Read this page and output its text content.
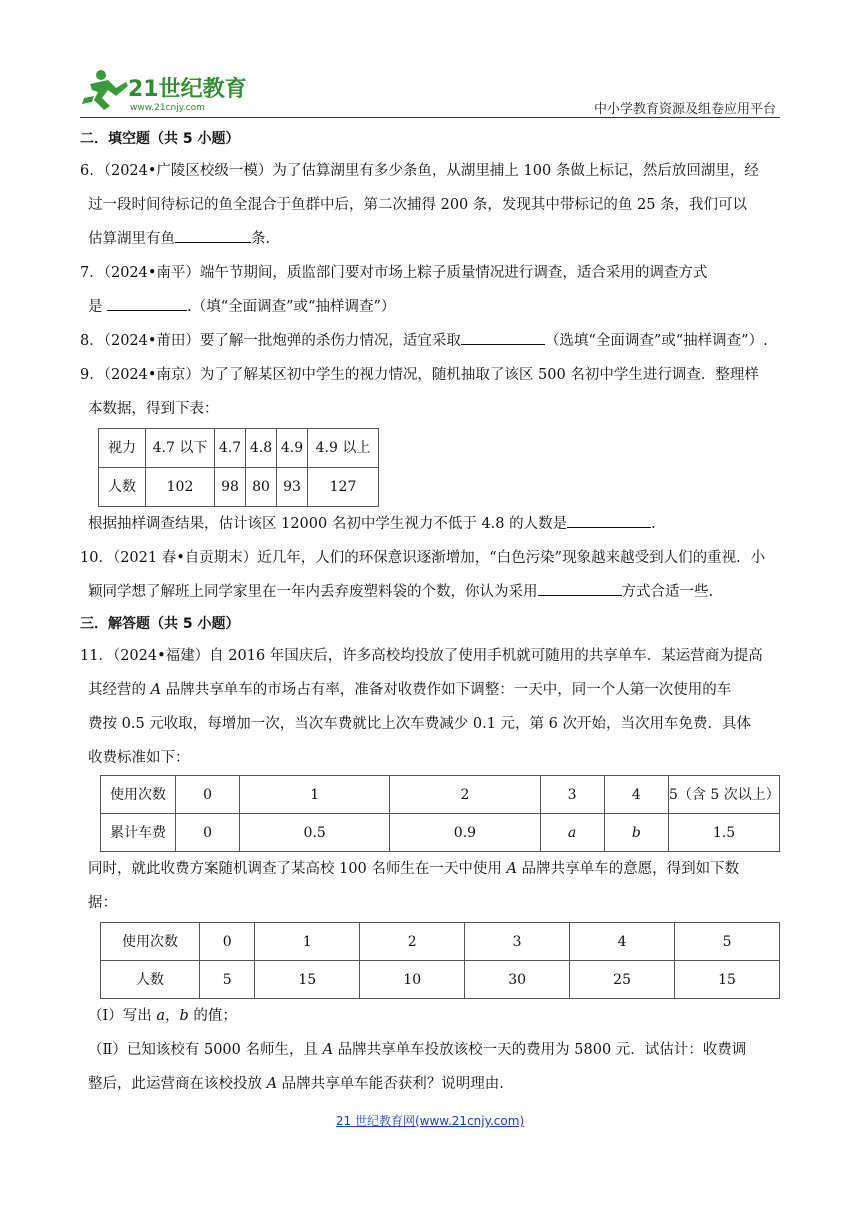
21世纪教育
www.21cnjy.com	中小学教育资源及组卷应用平台
二．填空题（共 5 小题）
6．（2024•广陵区校级一模）为了估算湖里有多少条鱼，从湖里捕上 100 条做上标记，然后放回湖里，经
过一段时间待标记的鱼全混合于鱼群中后，第二次捕得 200 条，发现其中带标记的鱼 25 条，我们可以
估算湖里有鱼	条.
7．（2024•南平）端午节期间，质监部门要对市场上粽子质量情况进行调查，适合采用的调查方式
是	.（填“全面调查”或“抽样调查”）
8．（2024•莆田）要了解一批炮弹的杀伤力情况，适宜采取	（选填“全面调查”或“抽样调查”）.
9．（2024•南京）为了了解某区初中学生的视力情况，随机抽取了该区 500 名初中学生进行调查．整理样
本数据，得到下表：
视力	4.7 以下	4.7	4.8	4.9	4.9 以上
人数	102	98	80	93	127
根据抽样调查结果，估计该区 12000 名初中学生视力不低于 4.8 的人数是	.
10．（2021 春•自贡期末）近几年，人们的环保意识逐渐增加，“白色污染”现象越来越受到人们的重视．小
颖同学想了解班上同学家里在一年内丢弃废塑料袋的个数，你认为采用	方式合适一些.
三．解答题（共 5 小题）
11．（2024•福建）自 2016 年国庆后，许多高校均投放了使用手机就可随用的共享单车．某运营商为提高
其经营的 A 品牌共享单车的市场占有率，准备对收费作如下调整：一天中，同一个人第一次使用的车
费按 0.5 元收取，每增加一次，当次车费就比上次车费减少 0.1 元，第 6 次开始，当次用车免费．具体
收费标准如下：
使用次数	0	1	2	3	4	5（含 5 次以上）
累计车费	0	0.5	0.9	a	b	1.5
同时，就此收费方案随机调查了某高校 100 名师生在一天中使用 A 品牌共享单车的意愿，得到如下数
据：
使用次数	0	1	2	3	4	5
人数	5	15	10	30	25	15
（Ⅰ）写出 a，b 的值；
（Ⅱ）已知该校有 5000 名师生，且 A 品牌共享单车投放该校一天的费用为 5800 元．试估计：收费调
整后，此运营商在该校投放 A 品牌共享单车能否获利？说明理由.
21 世纪教育网(www.21cnjy.com)
